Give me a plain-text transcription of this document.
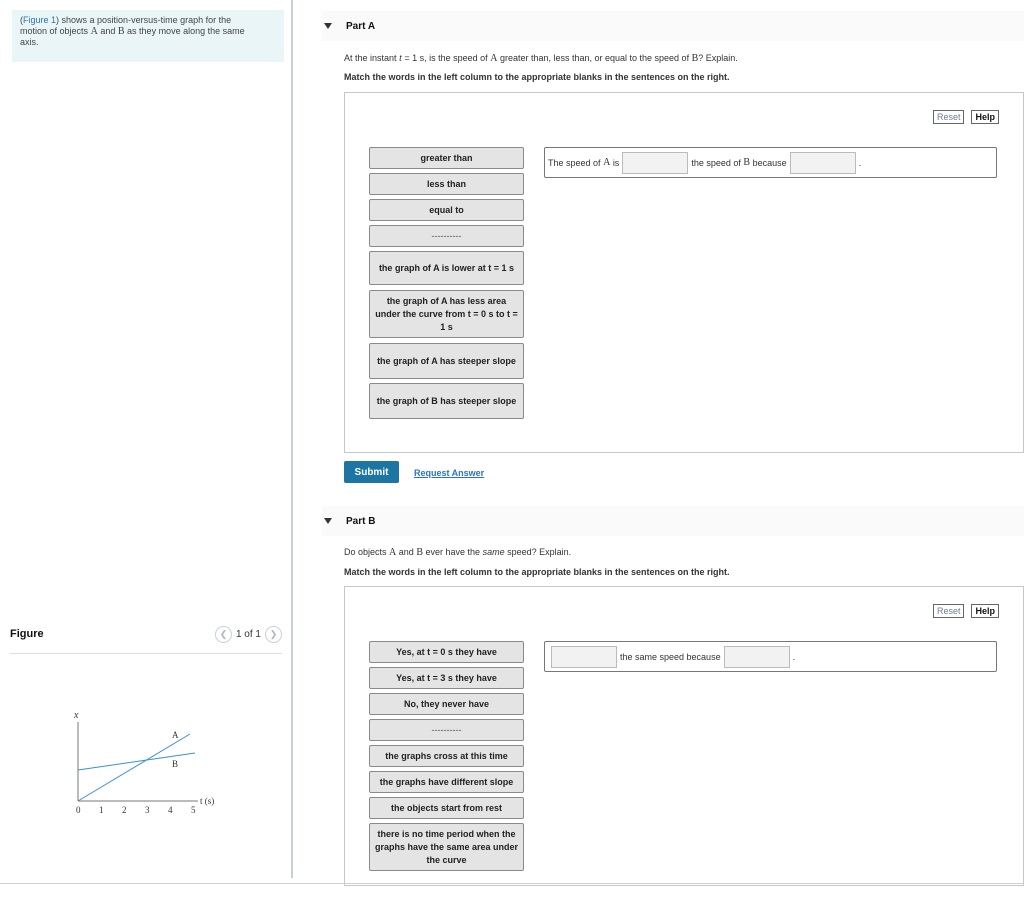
(Figure 1) shows a position-versus-time graph for the
motion of objects A and B as they move along the same
axis.
Figure	❮ 1 of 1 ❯
x
A
B
t (s)
0 1 2 3 4 5
Part A
At the instant t = 1 s, is the speed of A greater than, less than, or equal to the speed of B? Explain.
Match the words in the left column to the appropriate blanks in the sentences on the right.
Reset	Help
greater than
less than
equal to
----------
the graph of A is lower at t = 1 s
the graph of A has less area under the curve from t = 0 s to t = 1 s
the graph of A has steeper slope
the graph of B has steeper slope
The speed of
A
is	the speed of
B
because	.
Submit	Request Answer
Part B
Do objects A and B ever have the same speed? Explain.
Match the words in the left column to the appropriate blanks in the sentences on the right.
Reset	Help
Yes, at t = 0 s they have
Yes, at t = 3 s they have
No, they never have
----------
the graphs cross at this time
the graphs have different slope
the objects start from rest
there is no time period when the graphs have the same area under the curve
the same speed because	.
